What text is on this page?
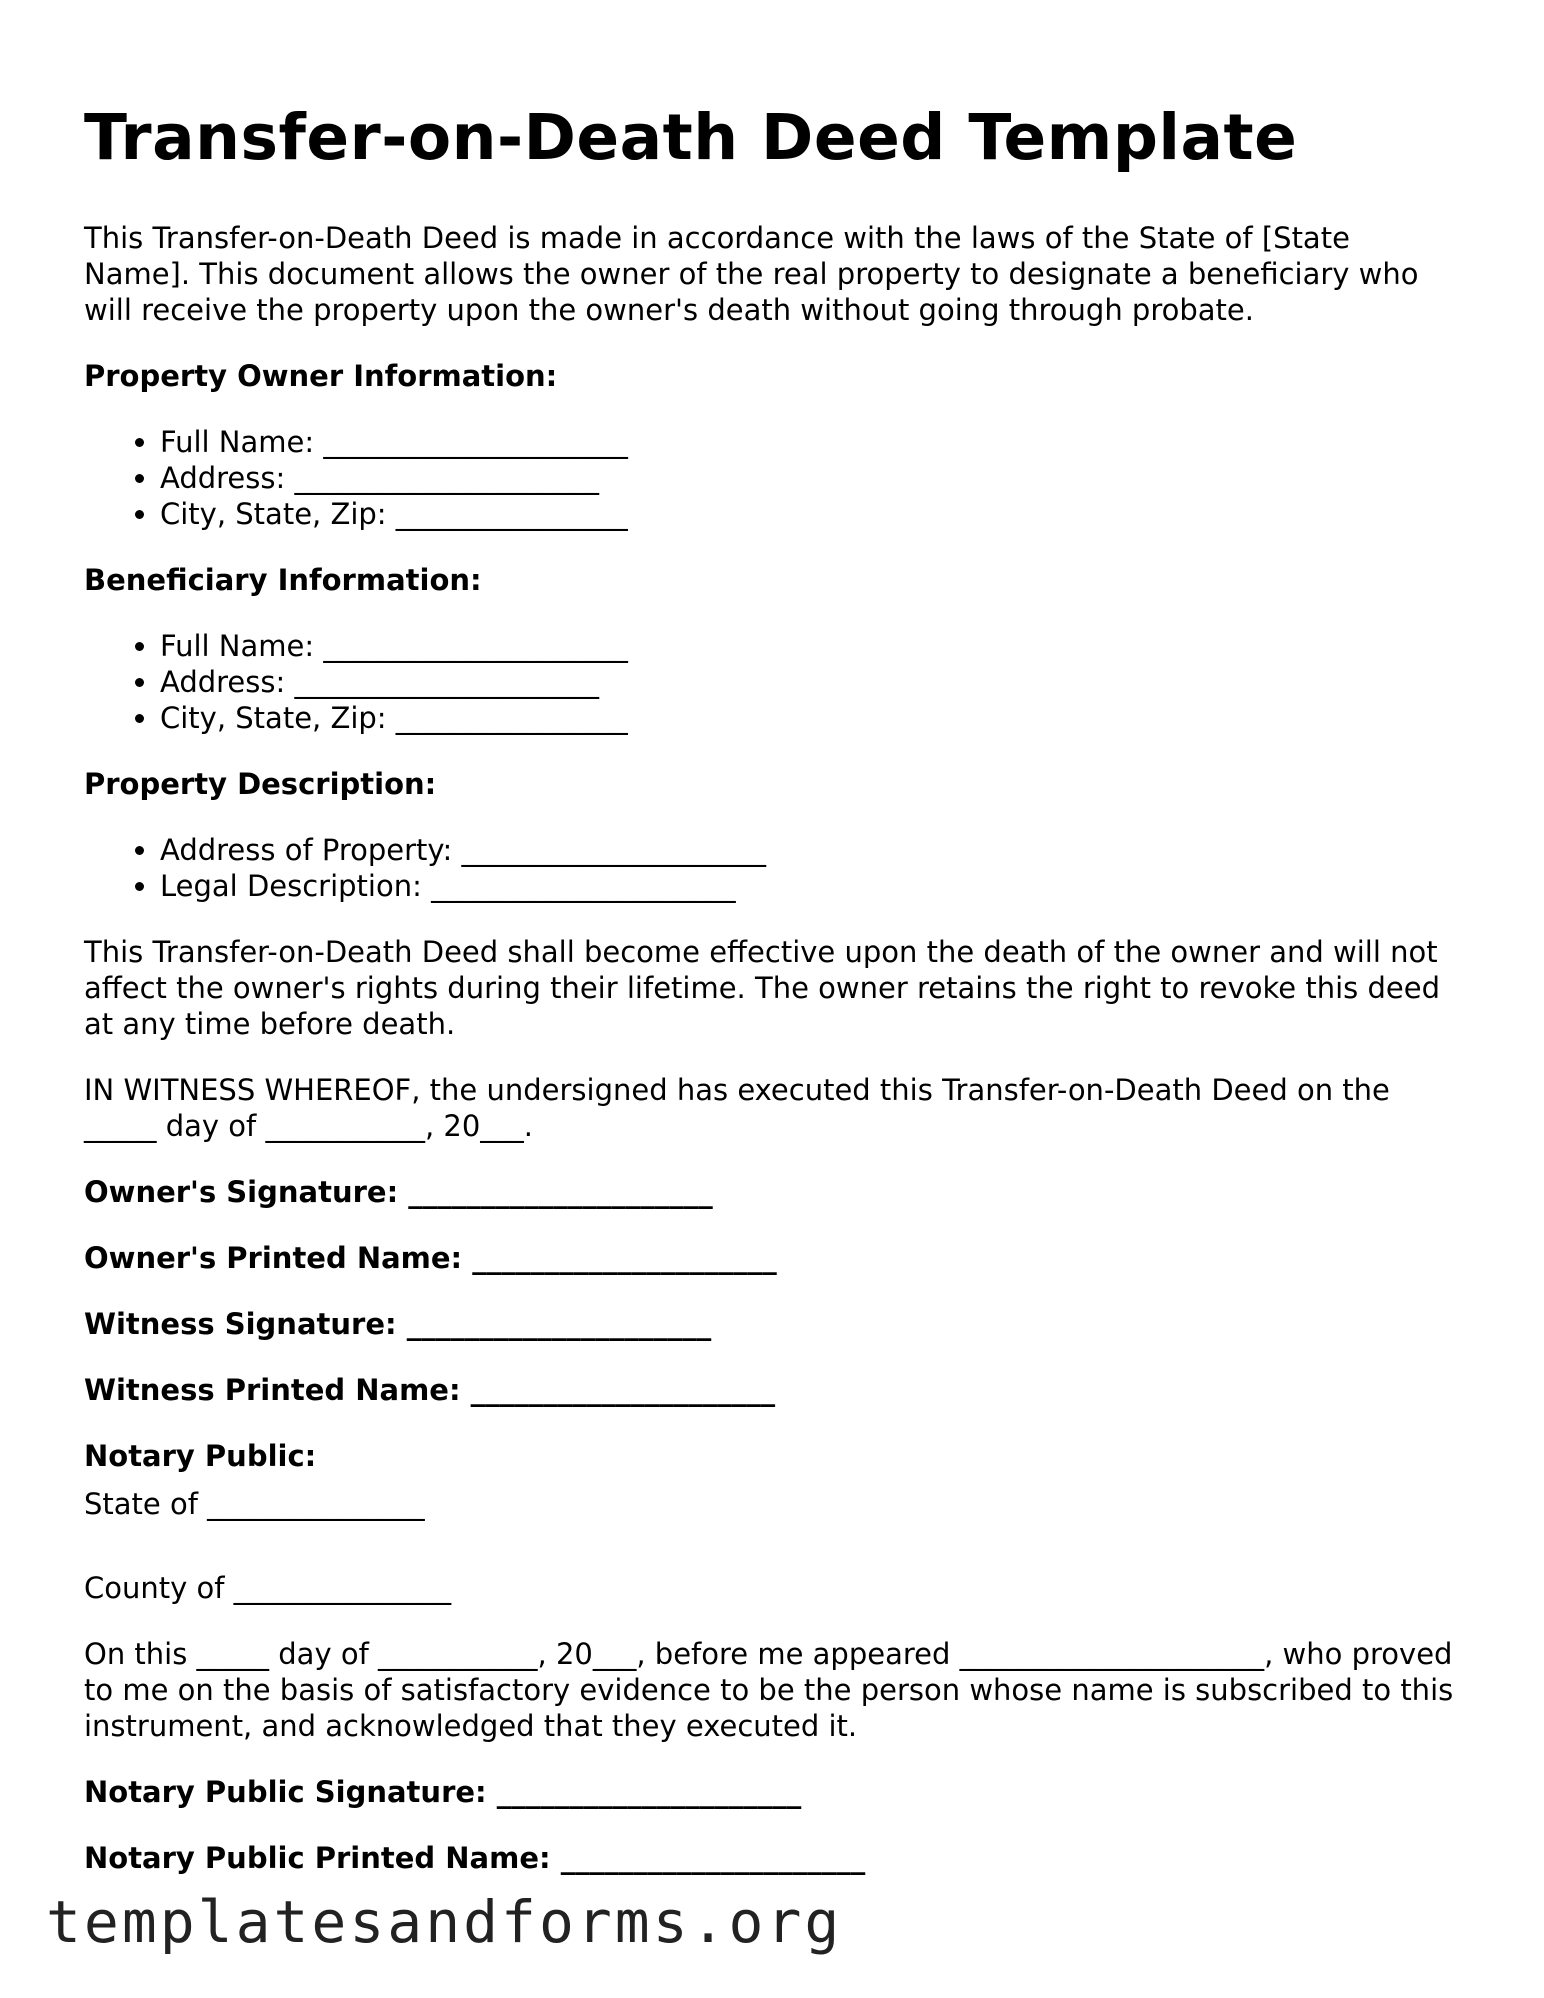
Transfer-on-Death Deed Template

This Transfer-on-Death Deed is made in accordance with the laws of the State of [State Name]. This document allows the owner of the real property to designate a beneficiary who will receive the property upon the owner's death without going through probate.

Property Owner Information:

• Full Name: _____________________
• Address: _____________________
• City, State, Zip: ________________

Beneficiary Information:

• Full Name: _____________________
• Address: _____________________
• City, State, Zip: ________________

Property Description:

• Address of Property: _____________________
• Legal Description: _____________________

This Transfer-on-Death Deed shall become effective upon the death of the owner and will not affect the owner's rights during their lifetime. The owner retains the right to revoke this deed at any time before death.

IN WITNESS WHEREOF, the undersigned has executed this Transfer-on-Death Deed on the _____ day of ___________, 20___.

Owner's Signature: _____________________

Owner's Printed Name: _____________________

Witness Signature: _____________________

Witness Printed Name: _____________________

Notary Public:

State of _______________

County of _______________

On this _____ day of ___________, 20___, before me appeared _____________________, who proved to me on the basis of satisfactory evidence to be the person whose name is subscribed to this instrument, and acknowledged that they executed it.

Notary Public Signature: _____________________

Notary Public Printed Name: _____________________

templatesandforms.org
